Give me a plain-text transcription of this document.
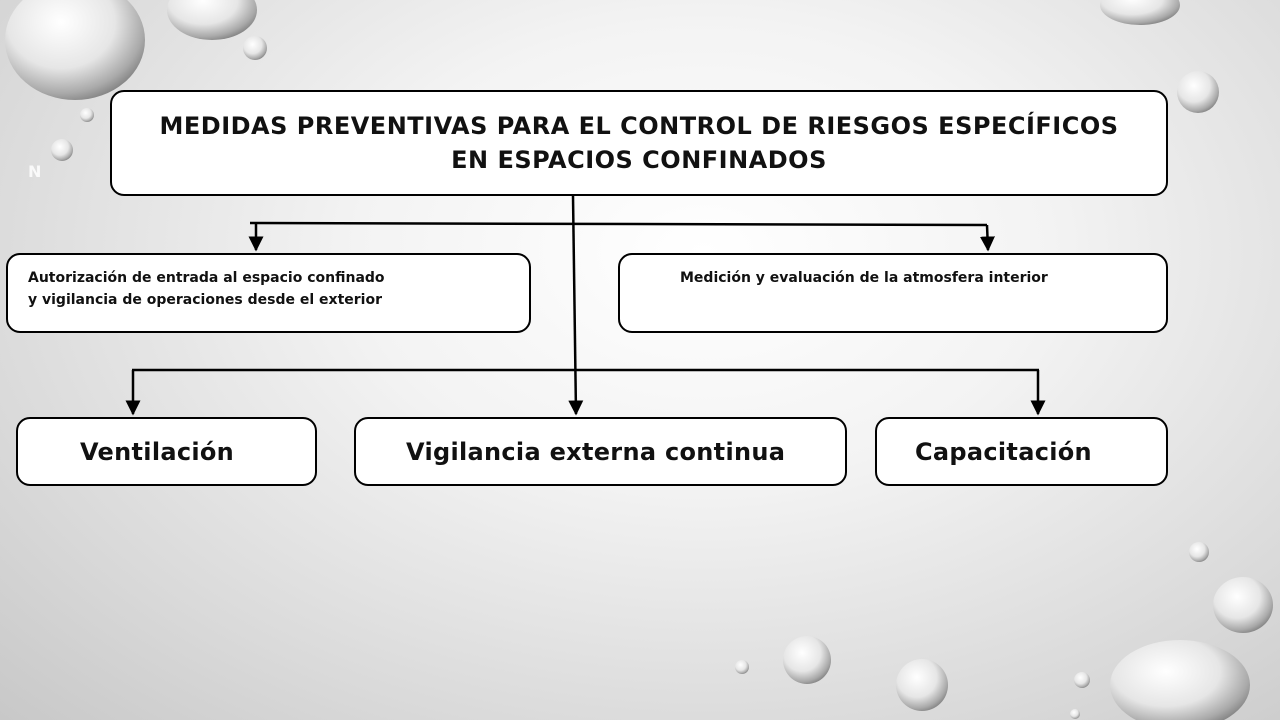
N
MEDIDAS PREVENTIVAS PARA EL CONTROL DE RIESGOS ESPECÍFICOS
EN ESPACIOS CONFINADOS
Autorización de entrada al espacio confinado
y vigilancia de operaciones desde el exterior
Medición y evaluación de la atmosfera interior
Ventilación	Vigilancia externa continua	Capacitación
